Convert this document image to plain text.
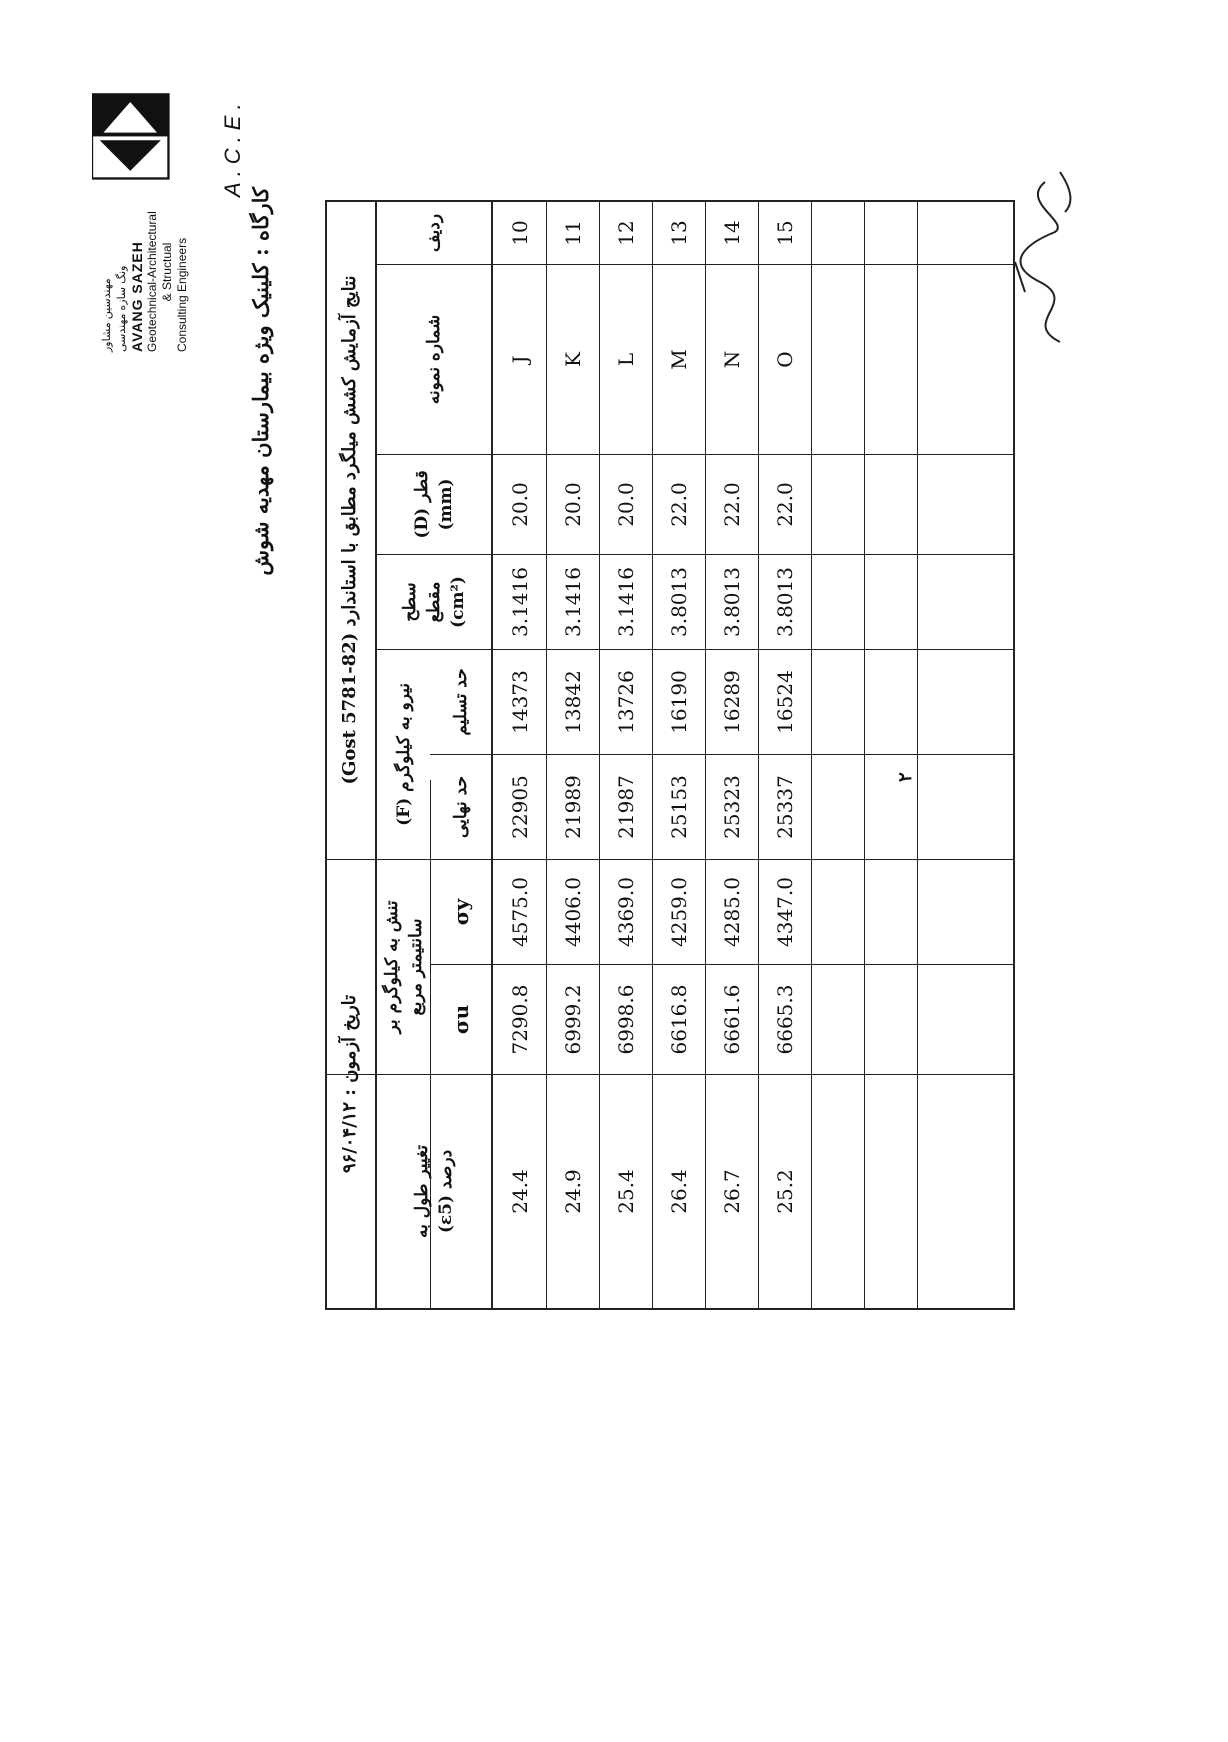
A.C.E.
مهندسین مشاور ونگ سازه مهندسی AVANG SAZEH Geotechnical-Architectural & Structual Consulting Engineers	کارگاه : کلینیک ویژه بیمارستان مهدیه شوش
نتایج آزمایش کشش میلگرد مطابق با استاندارد (Gost 5781-82)
تاریخ آزمون : ۹۶/۰۴/۱۲
ردیف
شماره نمونه
قطر (D) (mm)
سطح مقطع (cm²)
نیرو به کیلوگرم (F)	حد تسلیم
حد نهایی
تنش به کیلوگرم بر سانتیمتر مربع
σy
σu
تغییر طول به درصد (ε5)
10
J
20.0
3.1416
14373
22905
4575.0
7290.8
24.4
11
K
20.0
3.1416
13842
21989
4406.0
6999.2
24.9
12
L
20.0
3.1416
13726
21987
4369.0
6998.6
25.4
13
M
22.0
3.8013
16190
25153
4259.0
6616.8
26.4
14
N
22.0
3.8013
16289
25323
4285.0
6661.6
26.7
15
O
22.0
3.8013
16524
25337
4347.0
6665.3
25.2
۲
